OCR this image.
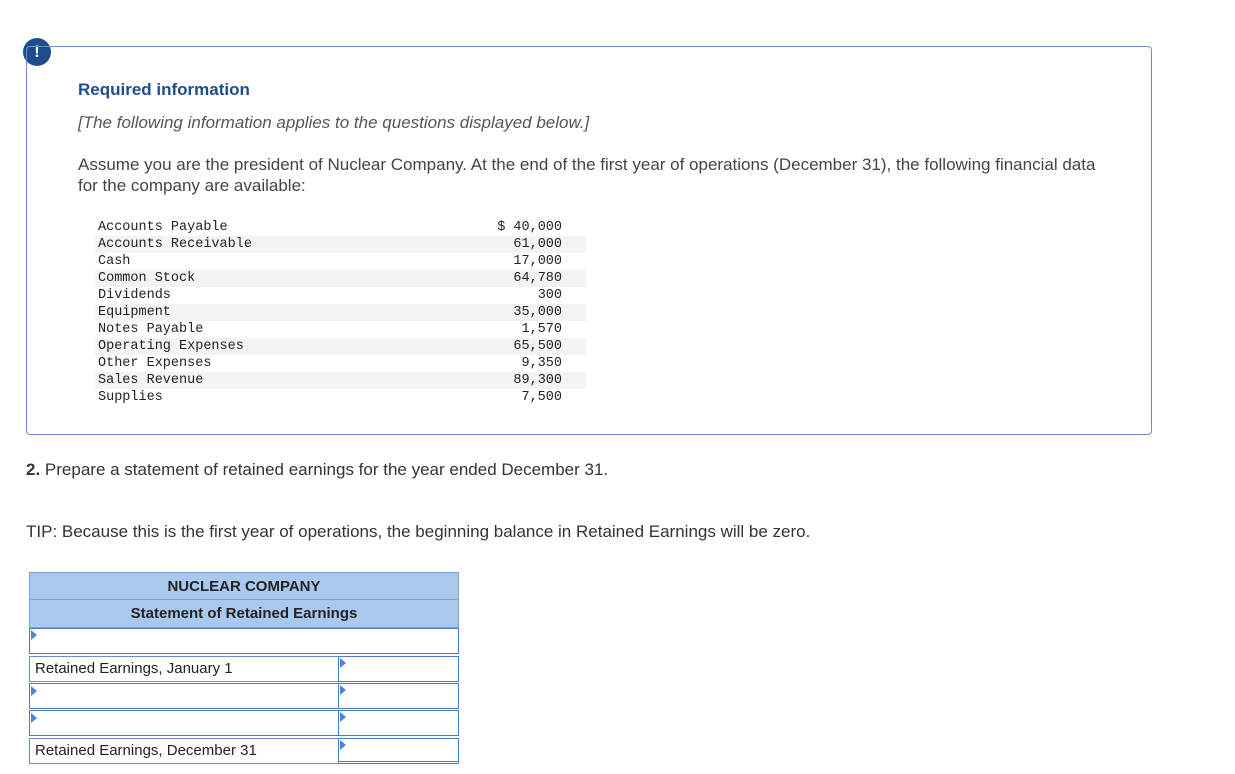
!
Required information
[The following information applies to the questions displayed below.]
Assume you are the president of Nuclear Company. At the end of the first year of operations (December 31), the following financial data for the company are available:
Accounts Payable	$ 40,000
Accounts Receivable	61,000
Cash	17,000
Common Stock	64,780
Dividends	300
Equipment	35,000
Notes Payable	1,570
Operating Expenses	65,500
Other Expenses	9,350
Sales Revenue	89,300
Supplies	7,500
2. Prepare a statement of retained earnings for the year ended December 31.
TIP: Because this is the first year of operations, the beginning balance in Retained Earnings will be zero.
NUCLEAR COMPANY
Statement of Retained Earnings
Retained Earnings, January 1
Retained Earnings, December 31
